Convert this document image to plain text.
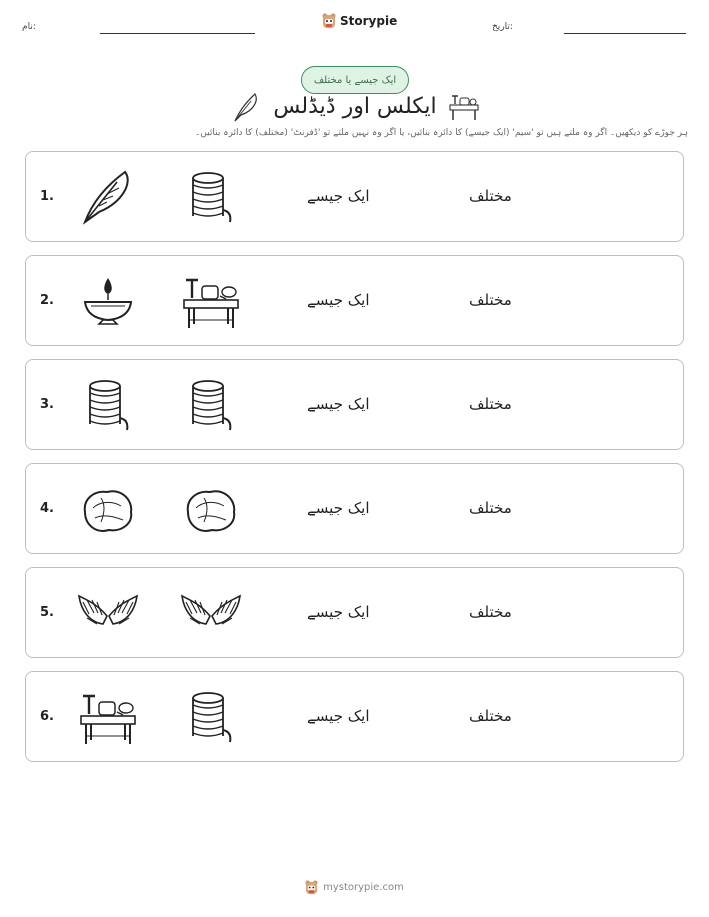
نام:	Storypie	تاریخ:
ایک جیسے یا مختلف
ایکلس اور ڈیڈلس
ہر جوڑے کو دیکھیں۔ اگر وہ ملتے ہیں تو 'سیم' (ایک جیسے) کا دائرہ بنائیں، یا اگر وہ نہیں ملتے تو 'ڈفرنٹ' (مختلف) کا دائرہ بنائیں۔
1.	ایک جیسے	مختلف
2.	ایک جیسے	مختلف
3.	ایک جیسے	مختلف
4.	ایک جیسے	مختلف
5.	ایک جیسے	مختلف
6.	ایک جیسے	مختلف
mystorypie.com
